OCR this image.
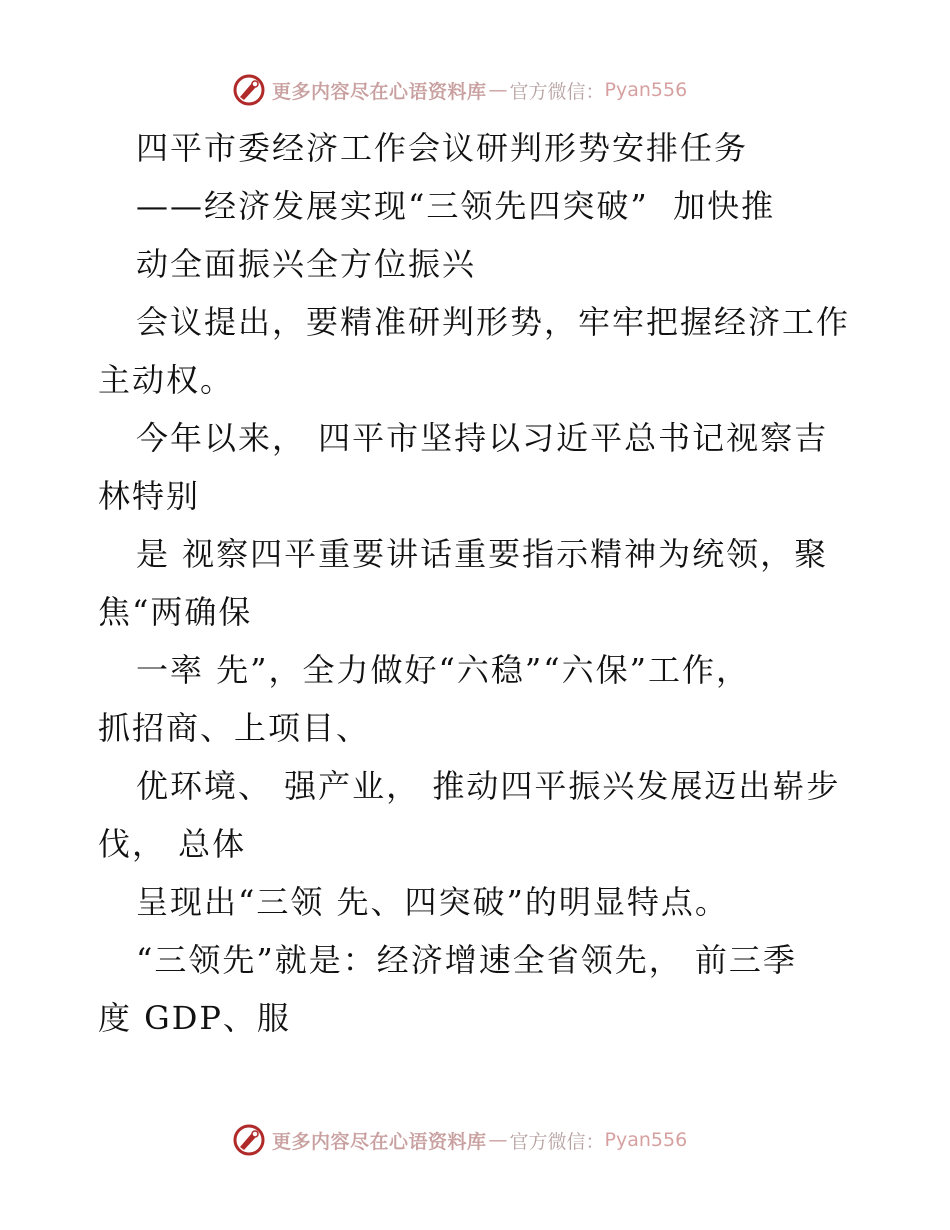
更多内容尽在心语资料库 — 官方微信： Pyan556
四平市委经济工作会议研判形势安排任务
——经济发展实现“三领先四突破”  加快推
动全面振兴全方位振兴
会议提出，要精准研判形势，牢牢把握经济工作
主动权。
今年以来， 四平市坚持以习近平总书记视察吉
林特别
是 视察四平重要讲话重要指示精神为统领，聚
焦“两确保
一率 先”，全力做好“六稳”“六保”工作，
抓招商、上项目、
优环境、 强产业， 推动四平振兴发展迈出崭步
伐， 总体
呈现出“三领 先、四突破”的明显特点。
“三领先”就是：经济增速全省领先， 前三季
度 GDP、服
更多内容尽在心语资料库 — 官方微信： Pyan556
